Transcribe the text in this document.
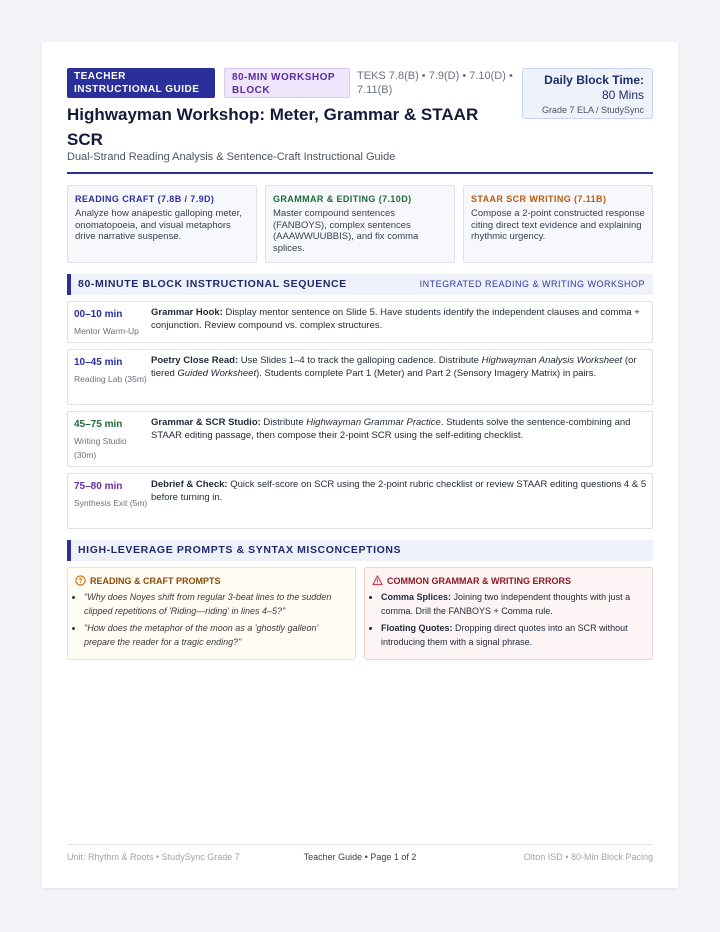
TEACHER INSTRUCTIONAL GUIDE
80-MIN WORKSHOP BLOCK
TEKS 7.8(B) • 7.9(D) • 7.10(D) • 7.11(B)
Daily Block Time: 80 Mins
Grade 7 ELA / StudySync
Highwayman Workshop: Meter, Grammar & STAAR SCR
Dual-Strand Reading Analysis & Sentence-Craft Instructional Guide
READING CRAFT (7.8B / 7.9D)
Analyze how anapestic galloping meter, onomatopoeia, and visual metaphors drive narrative suspense.
GRAMMAR & EDITING (7.10D)
Master compound sentences (FANBOYS), complex sentences (AAAWWUUBBIS), and fix comma splices.
STAAR SCR WRITING (7.11B)
Compose a 2-point constructed response citing direct text evidence and explaining rhythmic urgency.
80-MINUTE BLOCK INSTRUCTIONAL SEQUENCE	INTEGRATED READING & WRITING WORKSHOP
00–10 min
Mentor Warm-Up
Grammar Hook: Display mentor sentence on Slide 5. Have students identify the independent clauses and comma + conjunction. Review compound vs. complex structures.
10–45 min
Reading Lab (35m)
Poetry Close Read: Use Slides 1–4 to track the galloping cadence. Distribute Highwayman Analysis Worksheet (or tiered Guided Worksheet). Students complete Part 1 (Meter) and Part 2 (Sensory Imagery Matrix) in pairs.
45–75 min
Writing Studio (30m)
Grammar & SCR Studio: Distribute Highwayman Grammar Practice. Students solve the sentence-combining and STAAR editing passage, then compose their 2-point SCR using the self-editing checklist.
75–80 min
Synthesis Exit (5m)
Debrief & Check: Quick self-score on SCR using the 2-point rubric checklist or review STAAR editing questions 4 & 5 before turning in.
HIGH-LEVERAGE PROMPTS & SYNTAX MISCONCEPTIONS
? READING & CRAFT PROMPTS
• "Why does Noyes shift from regular 3-beat lines to the sudden clipped repetitions of 'Riding—riding' in lines 4–5?"
• "How does the metaphor of the moon as a 'ghostly galleon' prepare the reader for a tragic ending?"
COMMON GRAMMAR & WRITING ERRORS
• Comma Splices: Joining two independent thoughts with just a comma. Drill the FANBOYS + Comma rule.
• Floating Quotes: Dropping direct quotes into an SCR without introducing them with a signal phrase.
Unit: Rhythm & Roots • StudySync Grade 7	Teacher Guide • Page 1 of 2	Olton ISD • 80-Min Block Pacing
